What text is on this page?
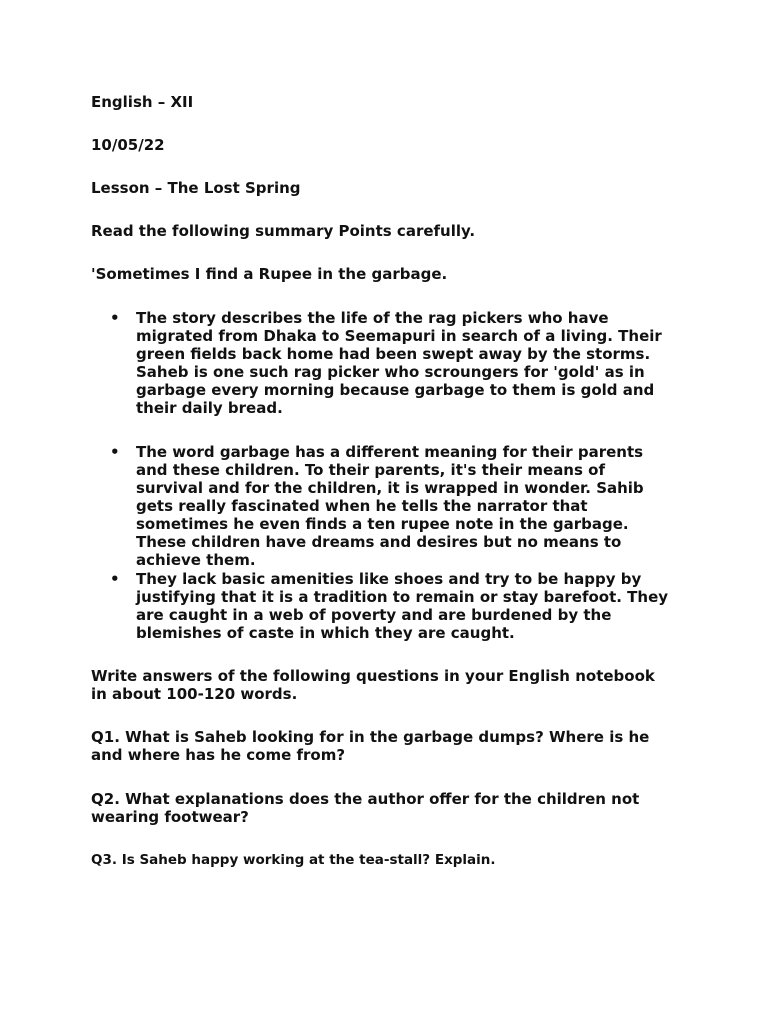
English – XII
10/05/22
Lesson – The Lost Spring
Read the following summary Points carefully.
'Sometimes I find a Rupee in the garbage.
• The story describes the life of the rag pickers who have migrated from Dhaka to Seemapuri in search of a living. Their green fields back home had been swept away by the storms. Saheb is one such rag picker who scroungers for 'gold' as in garbage every morning because garbage to them is gold and their daily bread.
• The word garbage has a different meaning for their parents and these children. To their parents, it's their means of survival and for the children, it is wrapped in wonder. Sahib gets really fascinated when he tells the narrator that sometimes he even finds a ten rupee note in the garbage. These children have dreams and desires but no means to achieve them.
• They lack basic amenities like shoes and try to be happy by justifying that it is a tradition to remain or stay barefoot. They are caught in a web of poverty and are burdened by the blemishes of caste in which they are caught.
Write answers of the following questions in your English notebook in about 100-120 words.
Q1. What is Saheb looking for in the garbage dumps? Where is he and where has he come from?
Q2. What explanations does the author offer for the children not wearing footwear?
Q3. Is Saheb happy working at the tea-stall? Explain.
